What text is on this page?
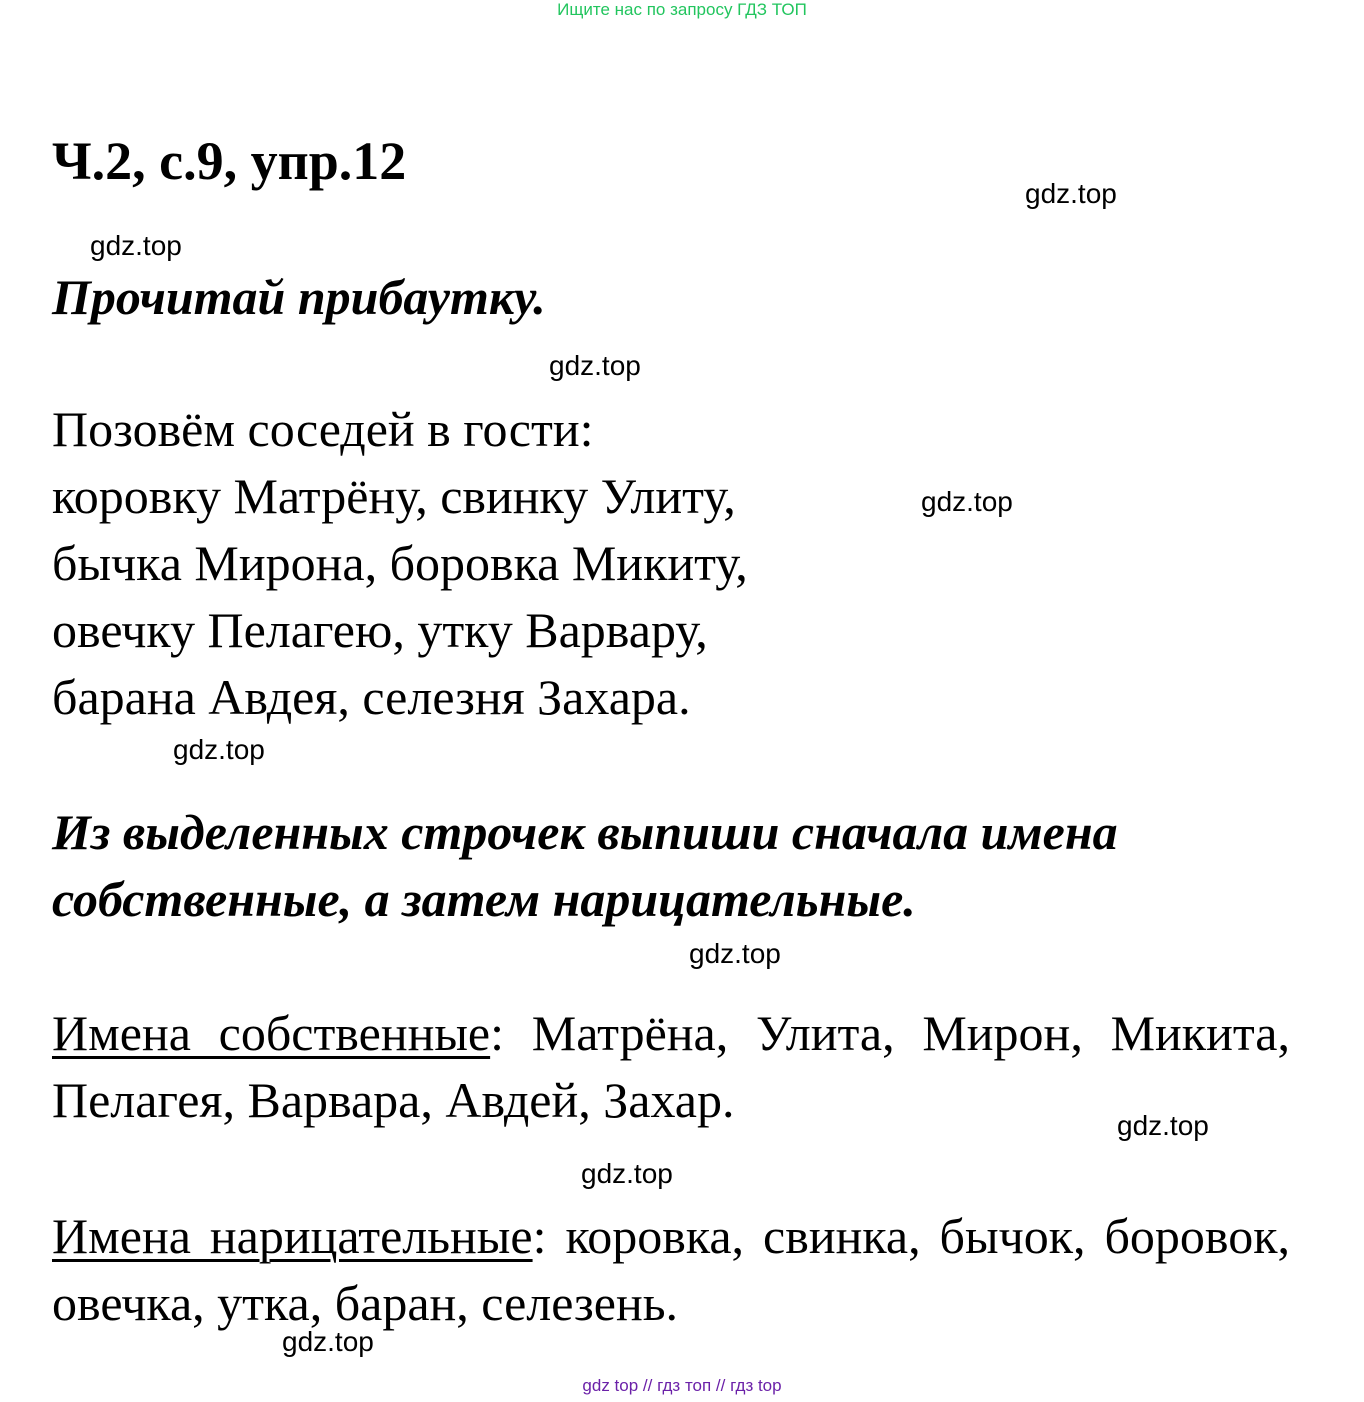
Ищите нас по запросу ГДЗ ТОП
Ч.2, с.9, упр.12
gdz.top
gdz.top
Прочитай прибаутку.
gdz.top
Позовём соседей в гости:
коровку Матрёну, свинку Улиту,
бычка Мирона, боровка Микиту,
овечку Пелагею, утку Варвару,
барана Авдея, селезня Захара.
gdz.top
gdz.top
Из выделенных строчек выпиши сначала имена
собственные, а затем нарицательные.
gdz.top
Имена собственные: Матрёна, Улита, Мирон, Микита, Пелагея, Варвара, Авдей, Захар.	gdz.top
gdz.top
Имена нарицательные: коровка, свинка, бычок, боровок, овечка, утка, баран, селезень.
gdz.top
gdz top // гдз топ // гдз top
